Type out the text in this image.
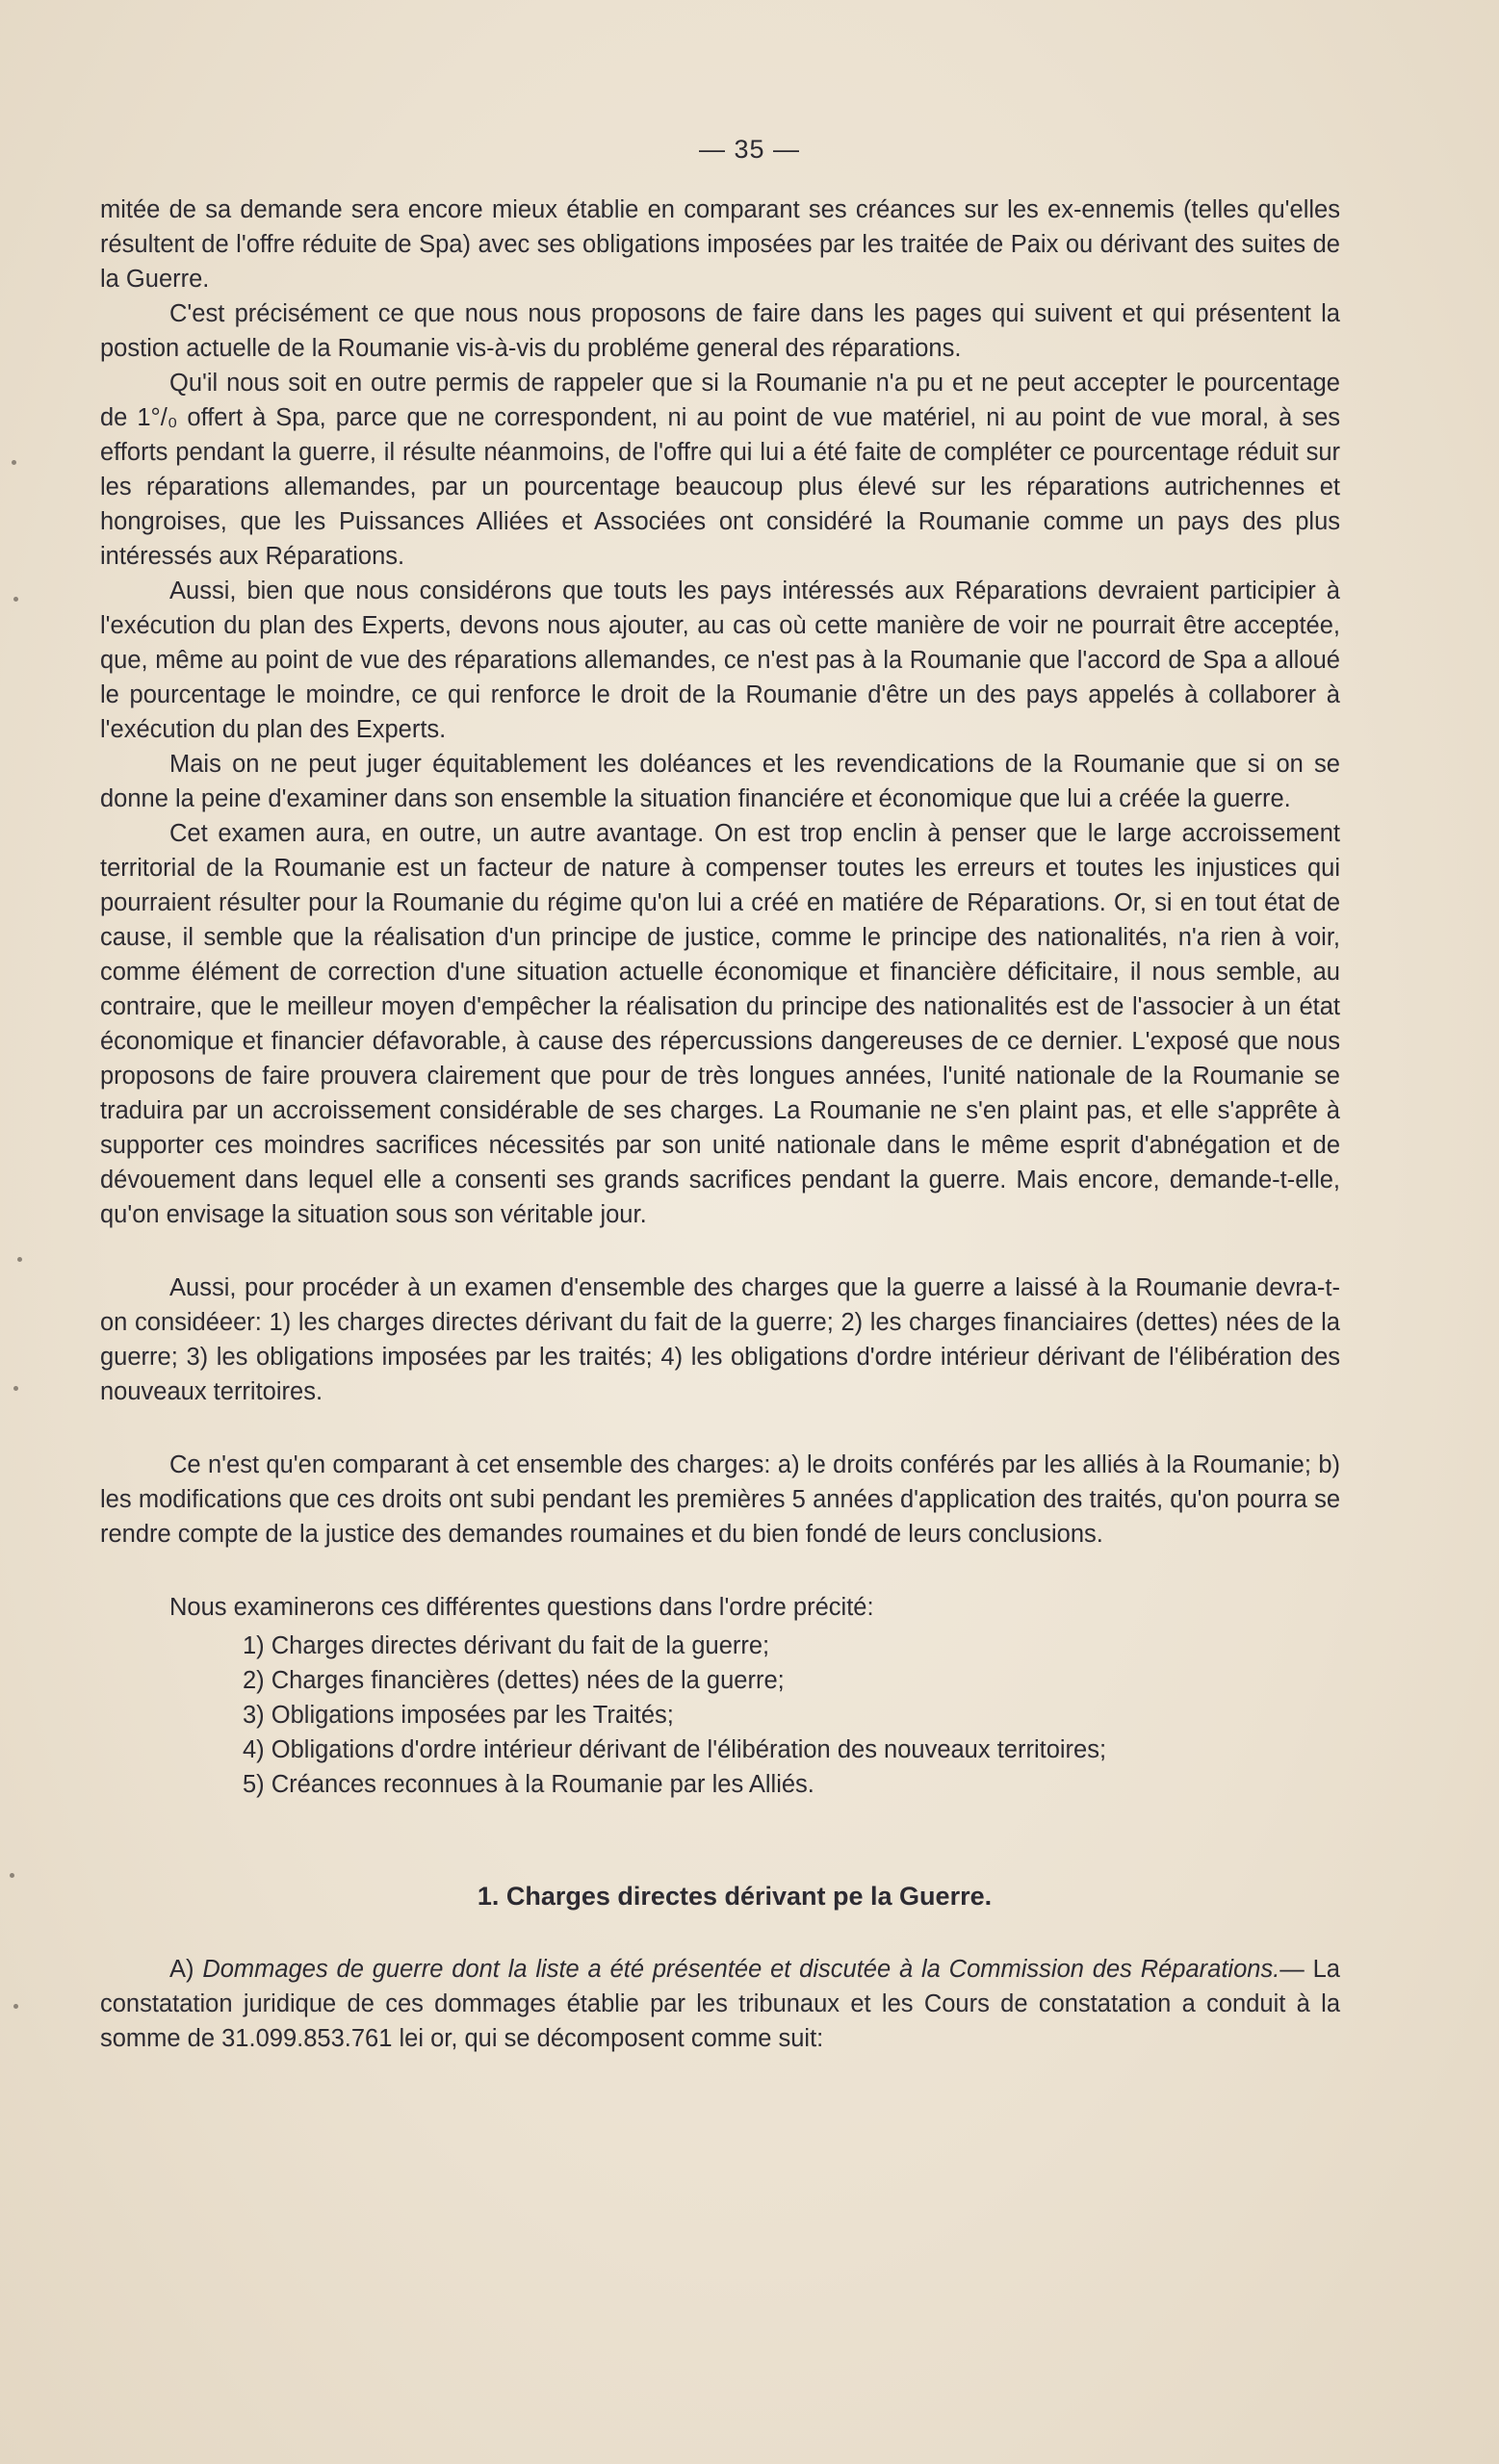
— 35 —

mitée de sa demande sera encore mieux établie en comparant ses créances sur les ex-ennemis (telles qu'elles résultent de l'offre réduite de Spa) avec ses obligations imposées par les traitée de Paix ou dérivant des suites de la Guerre.

C'est précisément ce que nous nous proposons de faire dans les pages qui suivent et qui présentent la postion actuelle de la Roumanie vis-à-vis du probléme general des réparations.

Qu'il nous soit en outre permis de rappeler que si la Roumanie n'a pu et ne peut accepter le pourcentage de 1°/₀ offert à Spa, parce que ne correspondent, ni au point de vue matériel, ni au point de vue moral, à ses efforts pendant la guerre, il résulte néanmoins, de l'offre qui lui a été faite de compléter ce pourcentage réduit sur les réparations allemandes, par un pourcentage beaucoup plus élevé sur les réparations autrichennes et hongroises, que les Puissances Alliées et Associées ont considéré la Roumanie comme un pays des plus intéressés aux Réparations.

Aussi, bien que nous considérons que touts les pays intéressés aux Réparations devraient participier à l'exécution du plan des Experts, devons nous ajouter, au cas où cette manière de voir ne pourrait être acceptée, que, même au point de vue des réparations allemandes, ce n'est pas à la Roumanie que l'accord de Spa a alloué le pourcentage le moindre, ce qui renforce le droit de la Roumanie d'être un des pays appelés à collaborer à l'exécution du plan des Experts.

Mais on ne peut juger équitablement les doléances et les revendications de la Roumanie que si on se donne la peine d'examiner dans son ensemble la situation financiére et économique que lui a créée la guerre.

Cet examen aura, en outre, un autre avantage. On est trop enclin à penser que le large accroissement territorial de la Roumanie est un facteur de nature à compenser toutes les erreurs et toutes les injustices qui pourraient résulter pour la Roumanie du régime qu'on lui a créé en matiére de Réparations. Or, si en tout état de cause, il semble que la réalisation d'un principe de justice, comme le principe des nationalités, n'a rien à voir, comme élément de correction d'une situation actuelle économique et financière déficitaire, il nous semble, au contraire, que le meilleur moyen d'empêcher la réalisation du principe des nationalités est de l'associer à un état économique et financier défavorable, à cause des répercussions dangereuses de ce dernier. L'exposé que nous proposons de faire prouvera clairement que pour de très longues années, l'unité nationale de la Roumanie se traduira par un accroissement considérable de ses charges. La Roumanie ne s'en plaint pas, et elle s'apprête à supporter ces moindres sacrifices nécessités par son unité nationale dans le même esprit d'abnégation et de dévouement dans lequel elle a consenti ses grands sacrifices pendant la guerre. Mais encore, demande-t-elle, qu'on envisage la situation sous son véritable jour.

Aussi, pour procéder à un examen d'ensemble des charges que la guerre a laissé à la Roumanie devra-t-on considéeer: 1) les charges directes dérivant du fait de la guerre; 2) les charges financiaires (dettes) nées de la guerre; 3) les obligations imposées par les traités; 4) les obligations d'ordre intérieur dérivant de l'élibération des nouveaux territoires.

Ce n'est qu'en comparant à cet ensemble des charges: a) le droits conférés par les alliés à la Roumanie; b) les modifications que ces droits ont subi pendant les premières 5 années d'application des traités, qu'on pourra se rendre compte de la justice des demandes roumaines et du bien fondé de leurs conclusions.

Nous examinerons ces différentes questions dans l'ordre précité:

1) Charges directes dérivant du fait de la guerre;
2) Charges financières (dettes) nées de la guerre;
3) Obligations imposées par les Traités;
4) Obligations d'ordre intérieur dérivant de l'élibération des nouveaux territoires;
5) Créances reconnues à la Roumanie par les Alliés.

1. Charges directes dérivant pe la Guerre.

A) Dommages de guerre dont la liste a été présentée et discutée à la Commission des Réparations.— La constatation juridique de ces dommages établie par les tribunaux et les Cours de constatation a conduit à la somme de 31.099.853.761 lei or, qui se décomposent comme suit:
